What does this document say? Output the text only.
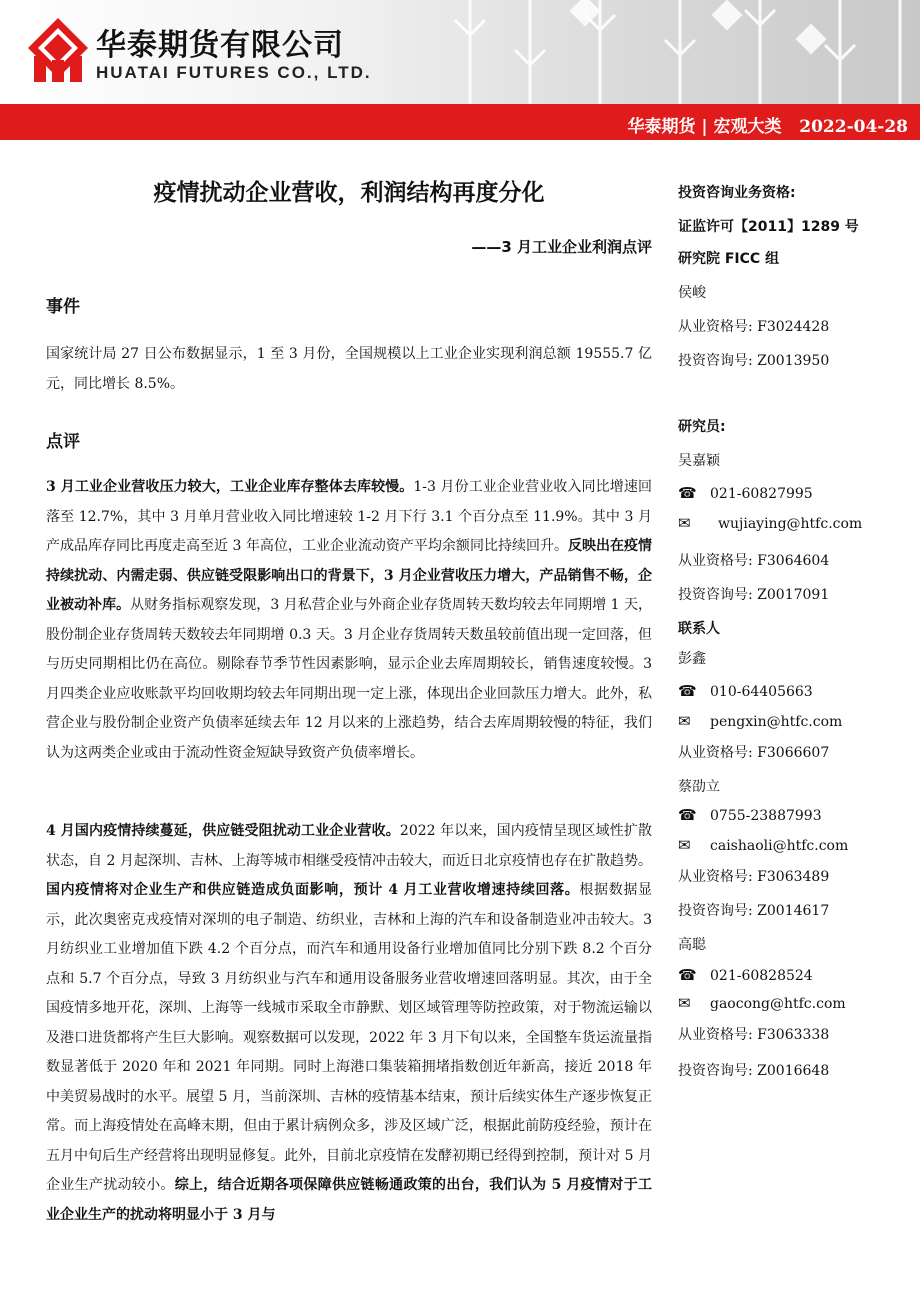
华泰期货有限公司
HUATAI FUTURES CO., LTD.
华泰期货 | 宏观大类 2022-04-28
疫情扰动企业营收，利润结构再度分化
——3 月工业企业利润点评
事件
国家统计局 27 日公布数据显示，1 至 3 月份，全国规模以上工业企业实现利润总额 19555.7 亿元，同比增长 8.5%。
点评
3 月工业企业营收压力较大，工业企业库存整体去库较慢。1-3 月份工业企业营业收入同比增速回落至 12.7%，其中 3 月单月营业收入同比增速较 1-2 月下行 3.1 个百分点至 11.9%。其中 3 月产成品库存同比再度走高至近 3 年高位，工业企业流动资产平均余额同比持续回升。反映出在疫情持续扰动、内需走弱、供应链受限影响出口的背景下，3 月企业营收压力增大，产品销售不畅，企业被动补库。从财务指标观察发现，3 月私营企业与外商企业存货周转天数均较去年同期增 1 天，股份制企业存货周转天数较去年同期增 0.3 天。3 月企业存货周转天数虽较前值出现一定回落，但与历史同期相比仍在高位。剔除春节季节性因素影响，显示企业去库周期较长，销售速度较慢。3 月四类企业应收账款平均回收期均较去年同期出现一定上涨，体现出企业回款压力增大。此外，私营企业与股份制企业资产负债率延续去年 12 月以来的上涨趋势，结合去库周期较慢的特征，我们认为这两类企业或由于流动性资金短缺导致资产负债率增长。
4 月国内疫情持续蔓延，供应链受阻扰动工业企业营收。2022 年以来，国内疫情呈现区域性扩散状态，自 2 月起深圳、吉林、上海等城市相继受疫情冲击较大，而近日北京疫情也存在扩散趋势。国内疫情将对企业生产和供应链造成负面影响，预计 4 月工业营收增速持续回落。根据数据显示，此次奥密克戎疫情对深圳的电子制造、纺织业，吉林和上海的汽车和设备制造业冲击较大。3 月纺织业工业增加值下跌 4.2 个百分点，而汽车和通用设备行业增加值同比分别下跌 8.2 个百分点和 5.7 个百分点，导致 3 月纺织业与汽车和通用设备服务业营收增速回落明显。其次，由于全国疫情多地开花，深圳、上海等一线城市采取全市静默、划区域管理等防控政策，对于物流运输以及港口进货都将产生巨大影响。观察数据可以发现，2022 年 3 月下旬以来，全国整车货运流量指数显著低于 2020 年和 2021 年同期。同时上海港口集装箱拥堵指数创近年新高，接近 2018 年中美贸易战时的水平。展望 5 月，当前深圳、吉林的疫情基本结束，预计后续实体生产逐步恢复正常。而上海疫情处在高峰末期，但由于累计病例众多，涉及区域广泛，根据此前防疫经验，预计在五月中旬后生产经营将出现明显修复。此外，目前北京疫情在发酵初期已经得到控制，预计对 5 月企业生产扰动较小。综上，结合近期各项保障供应链畅通政策的出台，我们认为 5 月疫情对于工业企业生产的扰动将明显小于 3 月与
投资咨询业务资格:
证监许可【2011】1289 号
研究院 FICC 组
侯峻
从业资格号: F3024428
投资咨询号: Z0013950
研究员:
吴嘉颖
☎ 021-60827995
✉ wujiaying@htfc.com
从业资格号: F3064604
投资咨询号: Z0017091
联系人
彭鑫
☎ 010-64405663
✉ pengxin@htfc.com
从业资格号: F3066607
蔡劭立
☎ 0755-23887993
✉ caishaoli@htfc.com
从业资格号: F3063489
投资咨询号: Z0014617
高聪
☎ 021-60828524
✉ gaocong@htfc.com
从业资格号: F3063338
投资咨询号: Z0016648
